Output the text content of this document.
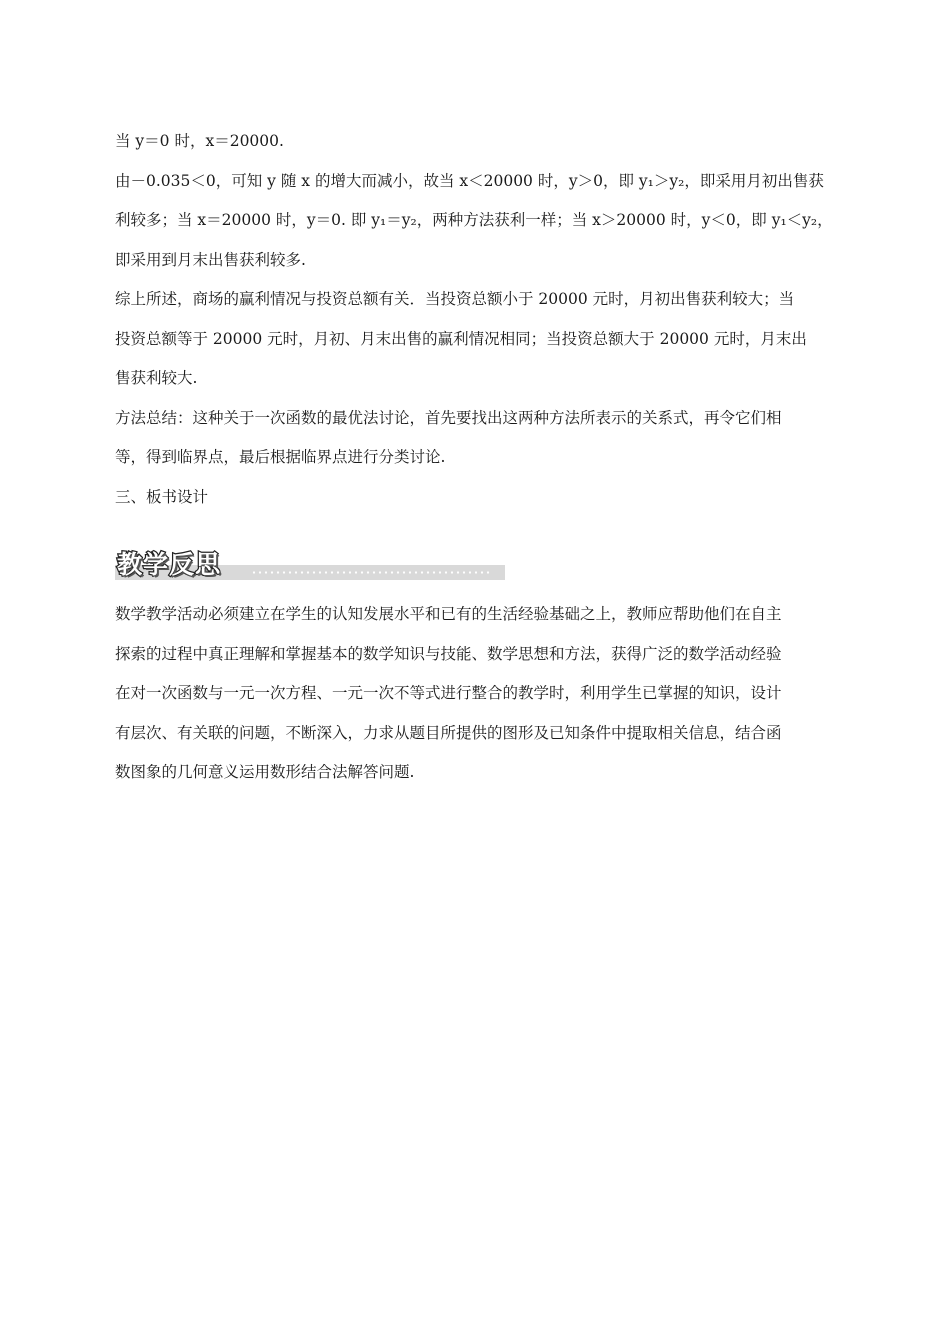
当 y＝0 时，x＝20000.
由－0.035＜0，可知 y 随 x 的增大而减小，故当 x＜20000 时，y＞0，即 y₁＞y₂，即采用月初出售获
利较多；当 x＝20000 时，y＝0. 即 y₁＝y₂，两种方法获利一样；当 x＞20000 时，y＜0，即 y₁＜y₂，
即采用到月末出售获利较多.

综上所述，商场的赢利情况与投资总额有关．当投资总额小于 20000 元时，月初出售获利较大；当
投资总额等于 20000 元时，月初、月末出售的赢利情况相同；当投资总额大于 20000 元时，月末出
售获利较大.

方法总结：这种关于一次函数的最优法讨论，首先要找出这两种方法所表示的关系式，再令它们相
等，得到临界点，最后根据临界点进行分类讨论.

三、板书设计

教学反思

数学教学活动必须建立在学生的认知发展水平和已有的生活经验基础之上，教师应帮助他们在自主
探索的过程中真正理解和掌握基本的数学知识与技能、数学思想和方法，获得广泛的数学活动经验
在对一次函数与一元一次方程、一元一次不等式进行整合的教学时，利用学生已掌握的知识，设计
有层次、有关联的问题，不断深入，力求从题目所提供的图形及已知条件中提取相关信息，结合函
数图象的几何意义运用数形结合法解答问题.
